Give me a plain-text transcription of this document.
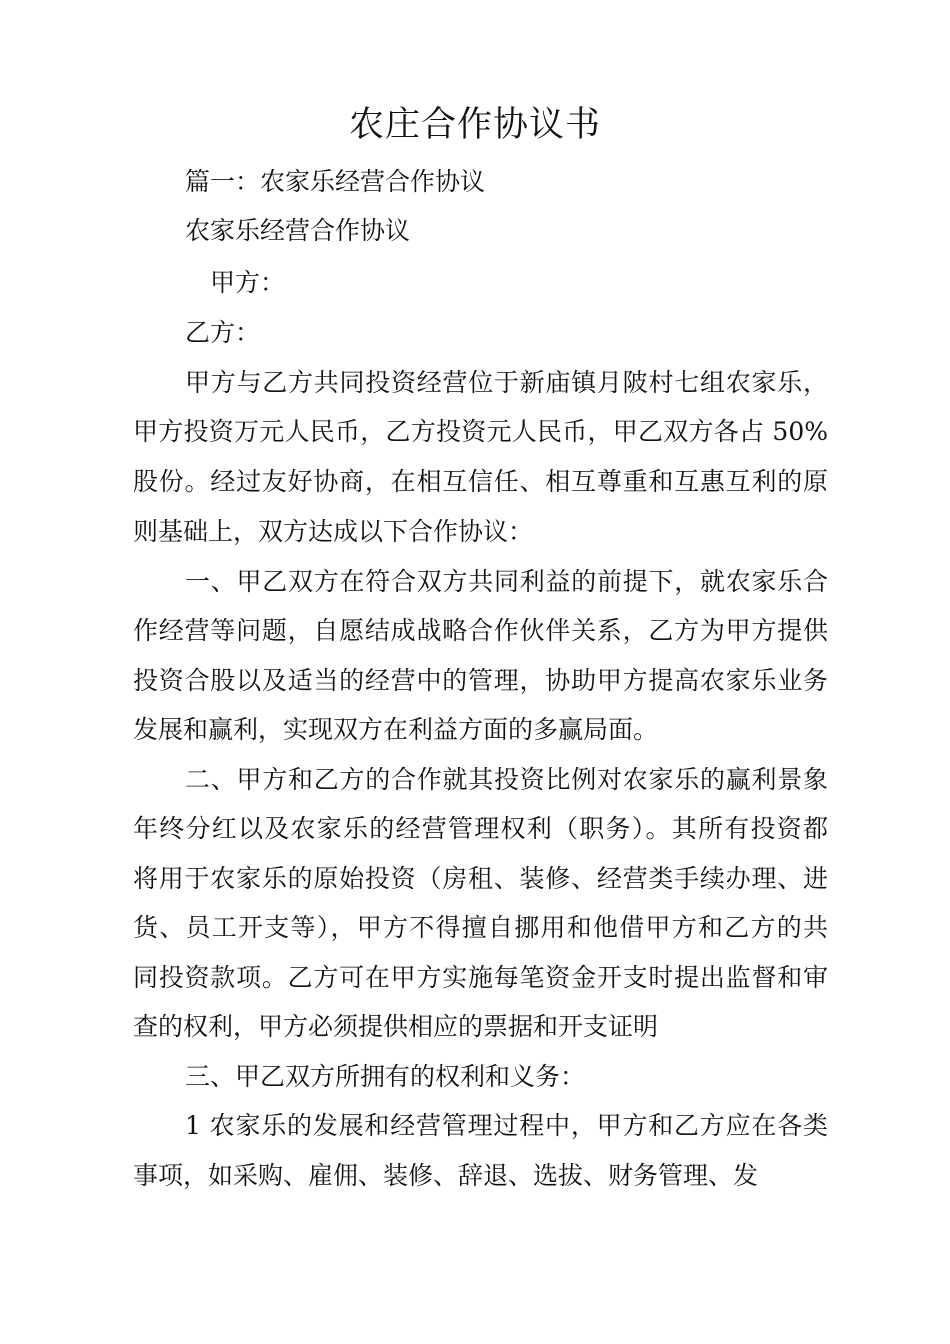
农庄合作协议书
篇一：农家乐经营合作协议
农家乐经营合作协议
甲方：
乙方：
甲方与乙方共同投资经营位于新庙镇月陂村七组农家乐，
甲方投资万元人民币，乙方投资元人民币，甲乙双方各占 50%
股份。经过友好协商，在相互信任、相互尊重和互惠互利的原
则基础上，双方达成以下合作协议：
一、甲乙双方在符合双方共同利益的前提下，就农家乐合
作经营等问题，自愿结成战略合作伙伴关系，乙方为甲方提供
投资合股以及适当的经营中的管理，协助甲方提高农家乐业务
发展和赢利，实现双方在利益方面的多赢局面。
二、甲方和乙方的合作就其投资比例对农家乐的赢利景象
年终分红以及农家乐的经营管理权利（职务）。其所有投资都
将用于农家乐的原始投资（房租、装修、经营类手续办理、进
货、员工开支等），甲方不得擅自挪用和他借甲方和乙方的共
同投资款项。乙方可在甲方实施每笔资金开支时提出监督和审
查的权利，甲方必须提供相应的票据和开支证明
三、甲乙双方所拥有的权利和义务：
1 农家乐的发展和经营管理过程中，甲方和乙方应在各类
事项，如采购、雇佣、装修、辞退、选拔、财务管理、发
